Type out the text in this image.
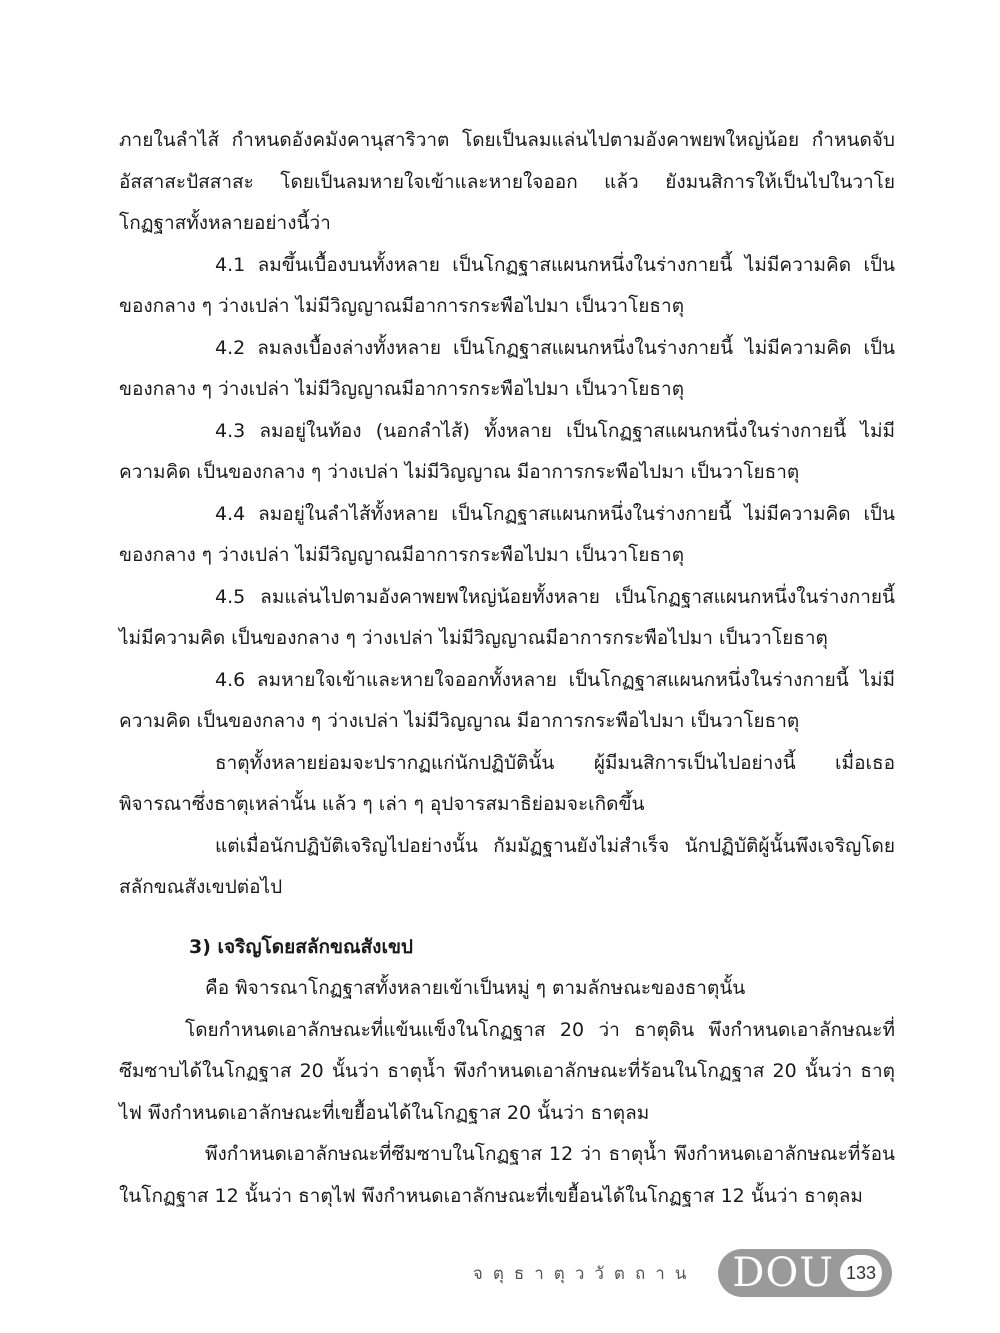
ภายในลำไส้ กำหนดอังคมังคานุสาริวาต โดยเป็นลมแล่นไปตามอังคาพยพใหญ่น้อย กำหนดจับอัสสาสะปัสสาสะ โดยเป็นลมหายใจเข้าและหายใจออก แล้ว ยังมนสิการให้เป็นไปในวาโยโกฏฐาสทั้งหลายอย่างนี้ว่า

4.1 ลมขึ้นเบื้องบนทั้งหลาย เป็นโกฏฐาสแผนกหนึ่งในร่างกายนี้ ไม่มีความคิด เป็นของกลาง ๆ ว่างเปล่า ไม่มีวิญญาณมีอาการกระพือไปมา เป็นวาโยธาตุ

4.2 ลมลงเบื้องล่างทั้งหลาย เป็นโกฏฐาสแผนกหนึ่งในร่างกายนี้ ไม่มีความคิด เป็นของกลาง ๆ ว่างเปล่า ไม่มีวิญญาณมีอาการกระพือไปมา เป็นวาโยธาตุ

4.3 ลมอยู่ในท้อง (นอกลำไส้) ทั้งหลาย เป็นโกฏฐาสแผนกหนึ่งในร่างกายนี้ ไม่มีความคิด เป็นของกลาง ๆ ว่างเปล่า ไม่มีวิญญาณ มีอาการกระพือไปมา เป็นวาโยธาตุ

4.4 ลมอยู่ในลำไส้ทั้งหลาย เป็นโกฏฐาสแผนกหนึ่งในร่างกายนี้ ไม่มีความคิด เป็นของกลาง ๆ ว่างเปล่า ไม่มีวิญญาณมีอาการกระพือไปมา เป็นวาโยธาตุ

4.5 ลมแล่นไปตามอังคาพยพใหญ่น้อยทั้งหลาย เป็นโกฏฐาสแผนกหนึ่งในร่างกายนี้ ไม่มีความคิด เป็นของกลาง ๆ ว่างเปล่า ไม่มีวิญญาณมีอาการกระพือไปมา เป็นวาโยธาตุ

4.6 ลมหายใจเข้าและหายใจออกทั้งหลาย เป็นโกฏฐาสแผนกหนึ่งในร่างกายนี้ ไม่มีความคิด เป็นของกลาง ๆ ว่างเปล่า ไม่มีวิญญาณ มีอาการกระพือไปมา เป็นวาโยธาตุ

ธาตุทั้งหลายย่อมจะปรากฏแก่นักปฏิบัตินั้น ผู้มีมนสิการเป็นไปอย่างนี้ เมื่อเธอพิจารณาซึ่งธาตุเหล่านั้น แล้ว ๆ เล่า ๆ อุปจารสมาธิย่อมจะเกิดขึ้น

แต่เมื่อนักปฏิบัติเจริญไปอย่างนั้น กัมมัฏฐานยังไม่สำเร็จ นักปฏิบัติผู้นั้นพึงเจริญโดยสลักขณสังเขปต่อไป

3) เจริญโดยสลักขณสังเขป

คือ พิจารณาโกฏฐาสทั้งหลายเข้าเป็นหมู่ ๆ ตามลักษณะของธาตุนั้น

โดยกำหนดเอาลักษณะที่แข้นแข็งในโกฏฐาส 20 ว่า ธาตุดิน พึงกำหนดเอาลักษณะที่ซึมซาบได้ในโกฏฐาส 20 นั้นว่า ธาตุน้ำ พึงกำหนดเอาลักษณะที่ร้อนในโกฏฐาส 20 นั้นว่า ธาตุไฟ พึงกำหนดเอาลักษณะที่เขยื้อนได้ในโกฏฐาส 20 นั้นว่า ธาตุลม

พึงกำหนดเอาลักษณะที่ซึมซาบในโกฏฐาส 12 ว่า ธาตุน้ำ พึงกำหนดเอาลักษณะที่ร้อนในโกฏฐาส 12 นั้นว่า ธาตุไฟ พึงกำหนดเอาลักษณะที่เขยื้อนได้ในโกฏฐาส 12 นั้นว่า ธาตุลม

จตุธาตุววัตถาน DOU 133
